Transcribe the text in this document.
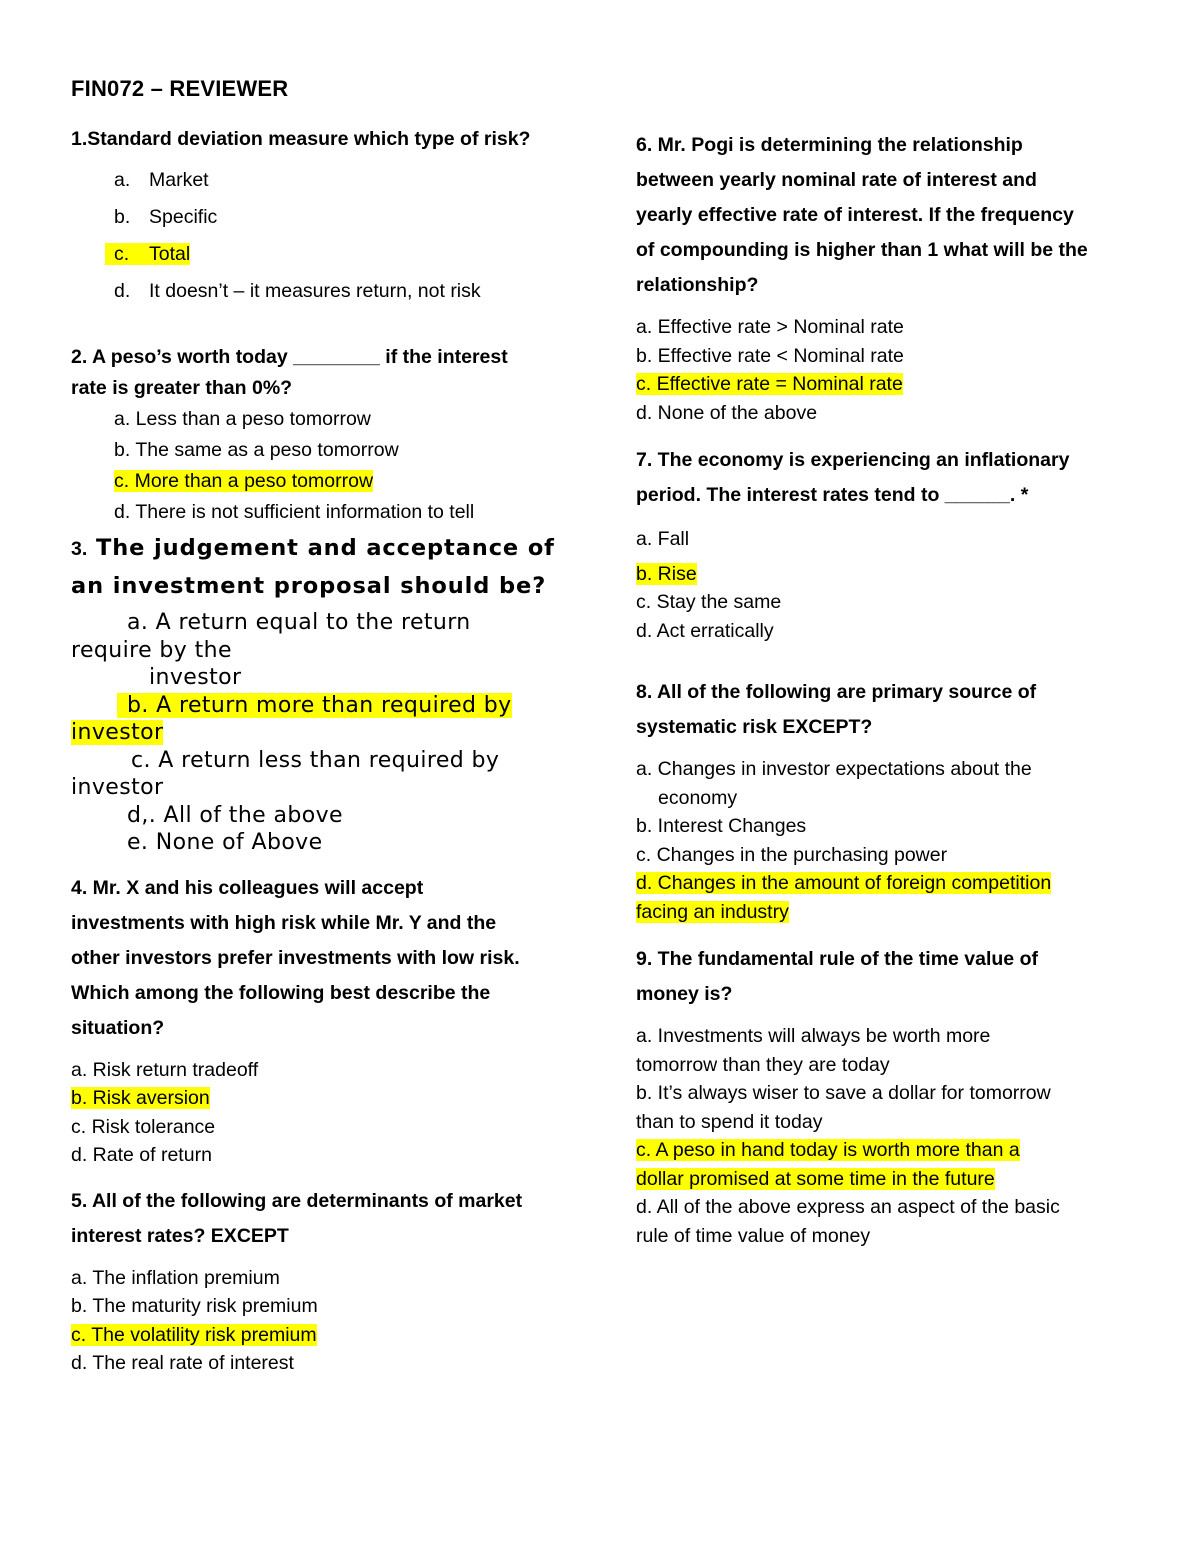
FIN072 – REVIEWER

1.Standard deviation measure which type of risk?

a. Market

b. Specific

c. Total

d. It doesn’t – it measures return, not risk

2. A peso’s worth today ________ if the interest

rate is greater than 0%?

a. Less than a peso tomorrow

b. The same as a peso tomorrow

c. More than a peso tomorrow

d. There is not sufficient information to tell

3. The judgement and acceptance of

an investment proposal should be?

a. A return equal to the return

require by the

investor

b. A return more than required by

investor

c. A return less than required by

investor

d,. All of the above

e. None of Above

4. Mr. X and his colleagues will accept

investments with high risk while Mr. Y and the

other investors prefer investments with low risk.

Which among the following best describe the

situation?

a. Risk return tradeoff

b. Risk aversion

c. Risk tolerance

d. Rate of return

5. All of the following are determinants of market

interest rates? EXCEPT

a. The inflation premium

b. The maturity risk premium

c. The volatility risk premium

d. The real rate of interest

6. Mr. Pogi is determining the relationship

between yearly nominal rate of interest and

yearly effective rate of interest. If the frequency

of compounding is higher than 1 what will be the

relationship?

a. Effective rate > Nominal rate

b. Effective rate < Nominal rate

c. Effective rate = Nominal rate

d. None of the above

7. The economy is experiencing an inflationary

period. The interest rates tend to ______. *

a. Fall

b. Rise

c. Stay the same

d. Act erratically

8. All of the following are primary source of

systematic risk EXCEPT?

a. Changes in investor expectations about the

economy

b. Interest Changes

c. Changes in the purchasing power

d. Changes in the amount of foreign competition

facing an industry

9. The fundamental rule of the time value of

money is?

a. Investments will always be worth more

tomorrow than they are today

b. It’s always wiser to save a dollar for tomorrow

than to spend it today

c. A peso in hand today is worth more than a

dollar promised at some time in the future

d. All of the above express an aspect of the basic

rule of time value of money
